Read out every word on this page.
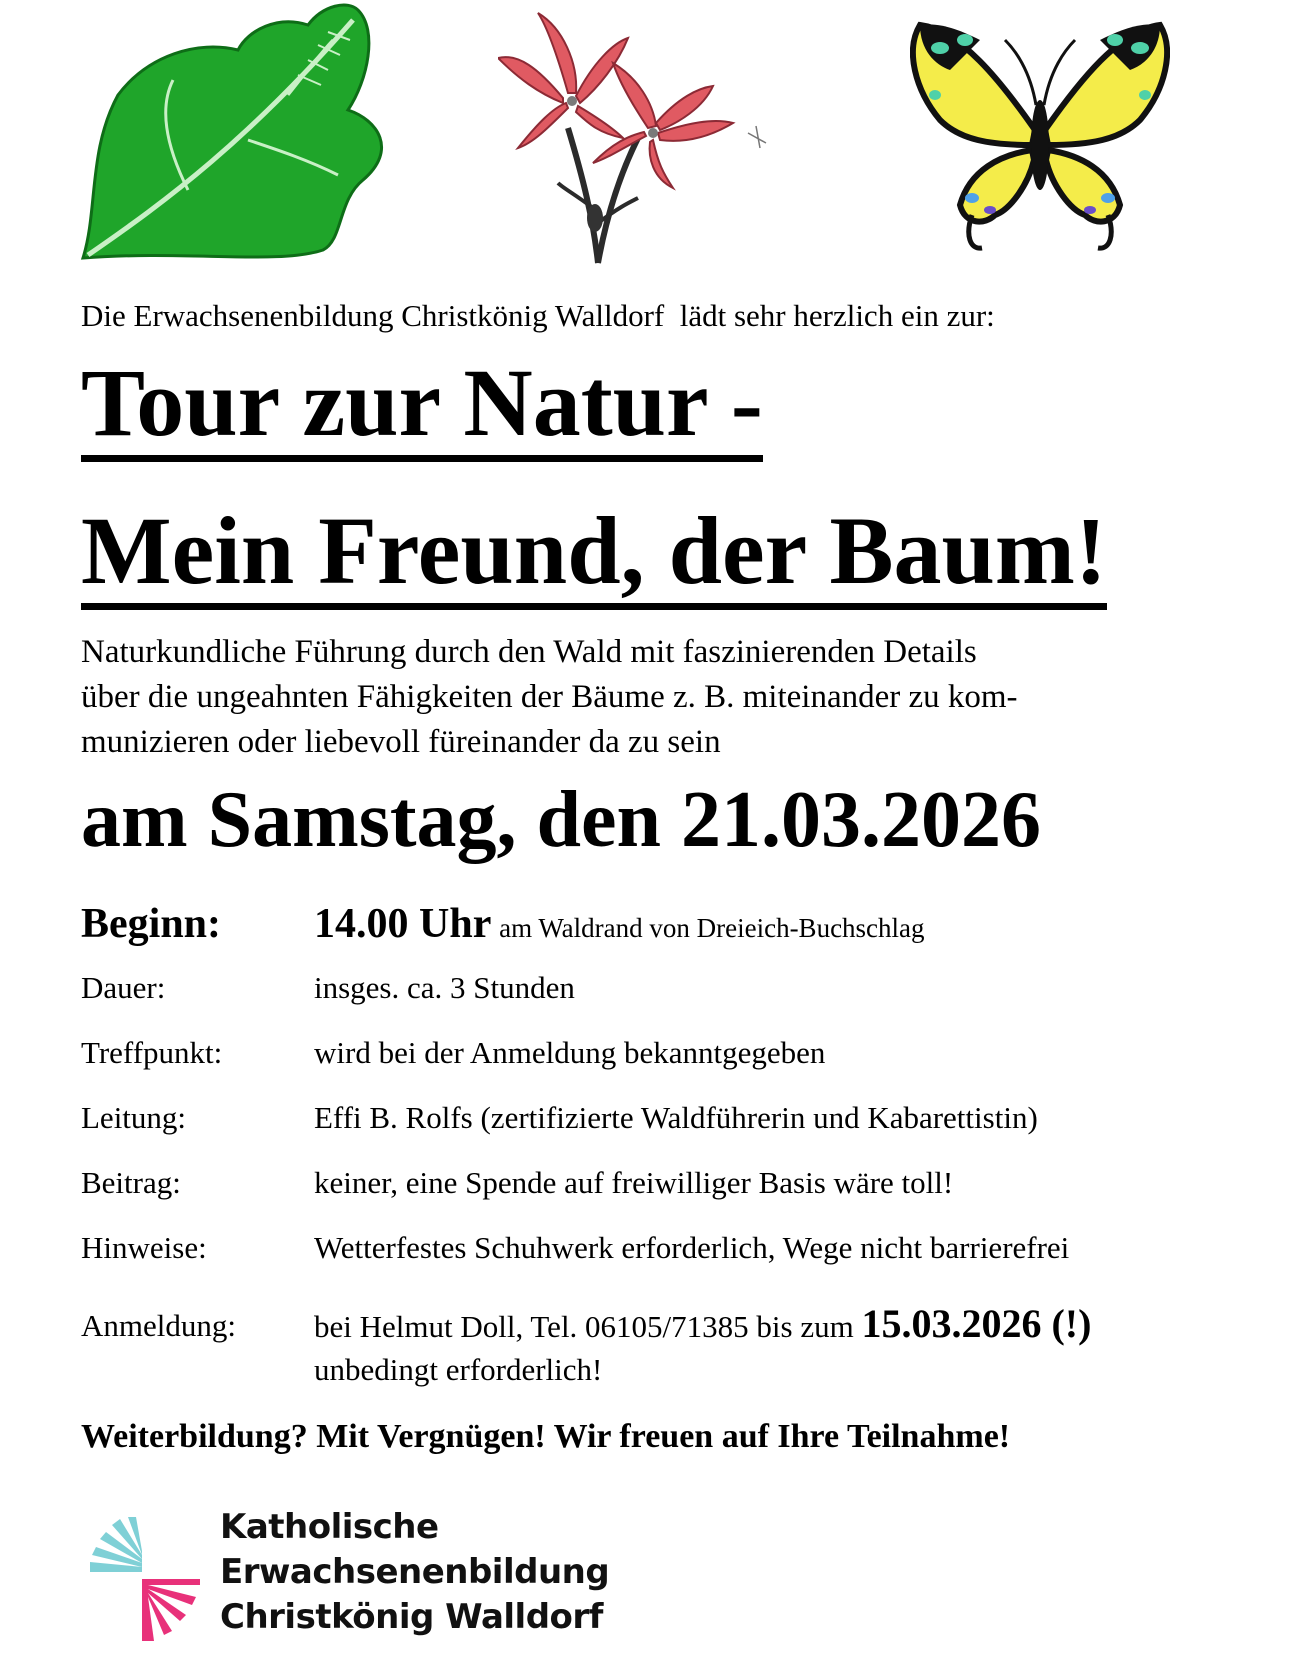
Die Erwachsenenbildung Christkönig Walldorf  lädt sehr herzlich ein zur:
Tour zur Natur -
Mein Freund, der Baum!
Naturkundliche Führung durch den Wald mit faszinierenden Details
über die ungeahnten Fähigkeiten der Bäume z. B. miteinander zu kom-
munizieren oder liebevoll füreinander da zu sein
am Samstag, den 21.03.2026
Beginn: 14.00 Uhr am Waldrand von Dreieich-Buchschlag
Dauer:	insges. ca. 3 Stunden
Treffpunkt:	wird bei der Anmeldung bekanntgegeben
Leitung:	Effi B. Rolfs (zertifizierte Waldführerin und Kabarettistin)
Beitrag:	keiner, eine Spende auf freiwilliger Basis wäre toll!
Hinweise:	Wetterfestes Schuhwerk erforderlich, Wege nicht barrierefrei
Anmeldung:	bei Helmut Doll, Tel. 06105/71385 bis zum 15.03.2026 (!)
unbedingt erforderlich!
Weiterbildung? Mit Vergnügen! Wir freuen auf Ihre Teilnahme!
Katholische
Erwachsenenbildung
Christkönig Walldorf
